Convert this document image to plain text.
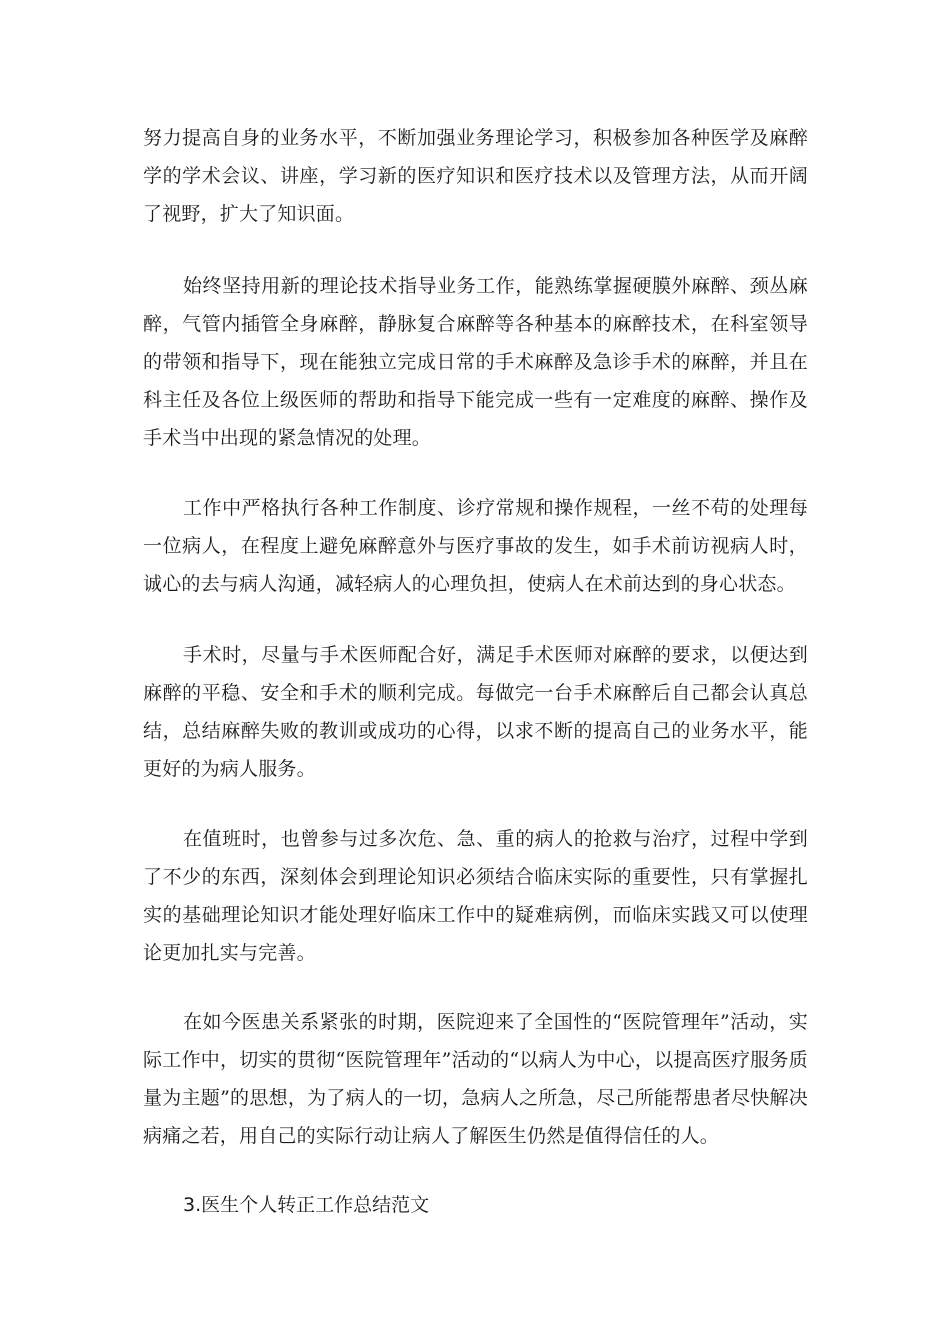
努力提高自身的业务水平，不断加强业务理论学习，积极参加各种医学及麻醉学的学术会议、讲座，学习新的医疗知识和医疗技术以及管理方法，从而开阔了视野，扩大了知识面。

始终坚持用新的理论技术指导业务工作，能熟练掌握硬膜外麻醉、颈丛麻醉，气管内插管全身麻醉，静脉复合麻醉等各种基本的麻醉技术，在科室领导的带领和指导下，现在能独立完成日常的手术麻醉及急诊手术的麻醉，并且在科主任及各位上级医师的帮助和指导下能完成一些有一定难度的麻醉、操作及手术当中出现的紧急情况的处理。

工作中严格执行各种工作制度、诊疗常规和操作规程，一丝不苟的处理每一位病人，在程度上避免麻醉意外与医疗事故的发生，如手术前访视病人时，诚心的去与病人沟通，减轻病人的心理负担，使病人在术前达到的身心状态。

手术时，尽量与手术医师配合好，满足手术医师对麻醉的要求，以便达到麻醉的平稳、安全和手术的顺利完成。每做完一台手术麻醉后自己都会认真总结，总结麻醉失败的教训或成功的心得，以求不断的提高自己的业务水平，能更好的为病人服务。

在值班时，也曾参与过多次危、急、重的病人的抢救与治疗，过程中学到了不少的东西，深刻体会到理论知识必须结合临床实际的重要性，只有掌握扎实的基础理论知识才能处理好临床工作中的疑难病例，而临床实践又可以使理论更加扎实与完善。

在如今医患关系紧张的时期，医院迎来了全国性的“医院管理年”活动，实际工作中，切实的贯彻“医院管理年”活动的“以病人为中心，以提高医疗服务质量为主题”的思想，为了病人的一切，急病人之所急，尽己所能帮患者尽快解决病痛之若，用自己的实际行动让病人了解医生仍然是值得信任的人。

3.医生个人转正工作总结范文
